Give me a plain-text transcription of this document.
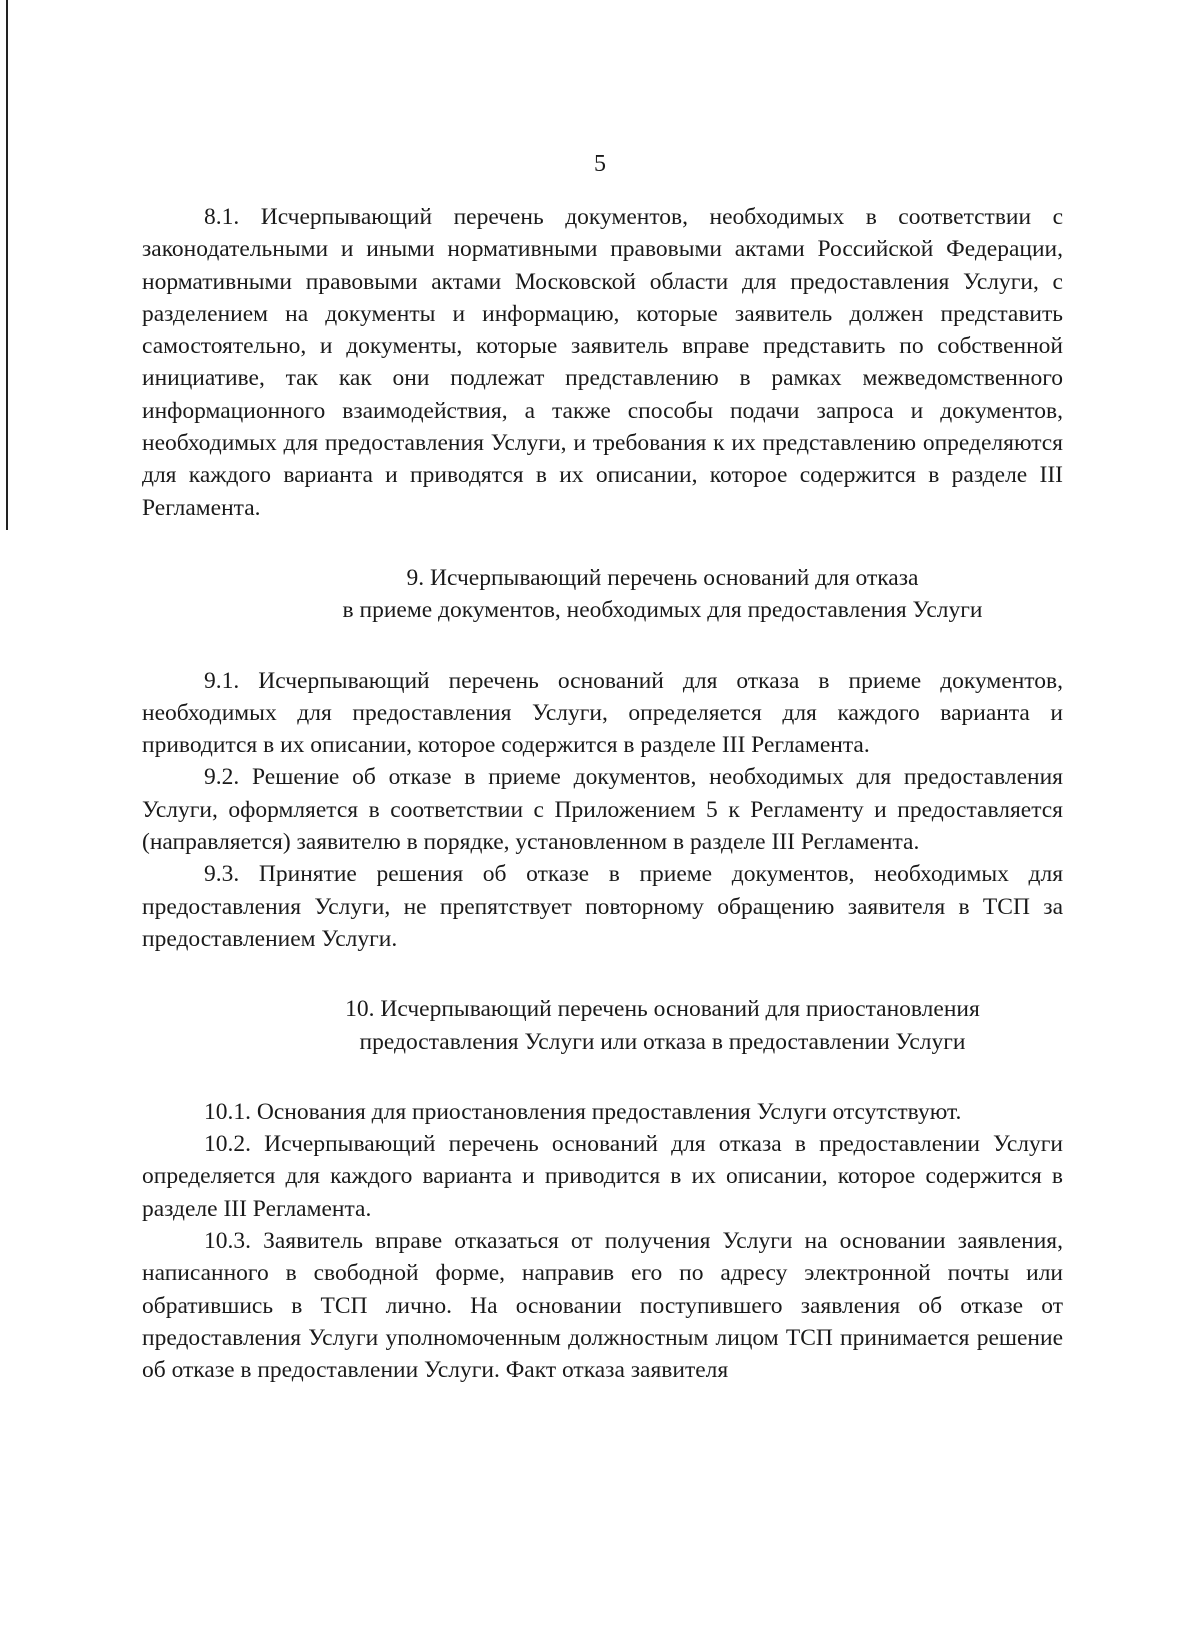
5

8.1. Исчерпывающий перечень документов, необходимых в соответствии с законодательными и иными нормативными правовыми актами Российской Федерации, нормативными правовыми актами Московской области для предоставления Услуги, с разделением на документы и информацию, которые заявитель должен представить самостоятельно, и документы, которые заявитель вправе представить по собственной инициативе, так как они подлежат представлению в рамках межведомственного информационного взаимодействия, а также способы подачи запроса и документов, необходимых для предоставления Услуги, и требования к их представлению определяются для каждого варианта и приводятся в их описании, которое содержится в разделе III Регламента.

9. Исчерпывающий перечень оснований для отказа
в приеме документов, необходимых для предоставления Услуги

9.1. Исчерпывающий перечень оснований для отказа в приеме документов, необходимых для предоставления Услуги, определяется для каждого варианта и приводится в их описании, которое содержится в разделе III Регламента.

9.2. Решение об отказе в приеме документов, необходимых для предоставления Услуги, оформляется в соответствии с Приложением 5 к Регламенту и предоставляется (направляется) заявителю в порядке, установленном в разделе III Регламента.

9.3. Принятие решения об отказе в приеме документов, необходимых для предоставления Услуги, не препятствует повторному обращению заявителя в ТСП за предоставлением Услуги.

10. Исчерпывающий перечень оснований для приостановления
предоставления Услуги или отказа в предоставлении Услуги

10.1. Основания для приостановления предоставления Услуги отсутствуют.

10.2. Исчерпывающий перечень оснований для отказа в предоставлении Услуги определяется для каждого варианта и приводится в их описании, которое содержится в разделе III Регламента.

10.3. Заявитель вправе отказаться от получения Услуги на основании заявления, написанного в свободной форме, направив его по адресу электронной почты или обратившись в ТСП лично. На основании поступившего заявления об отказе от предоставления Услуги уполномоченным должностным лицом ТСП принимается решение об отказе в предоставлении Услуги. Факт отказа заявителя
